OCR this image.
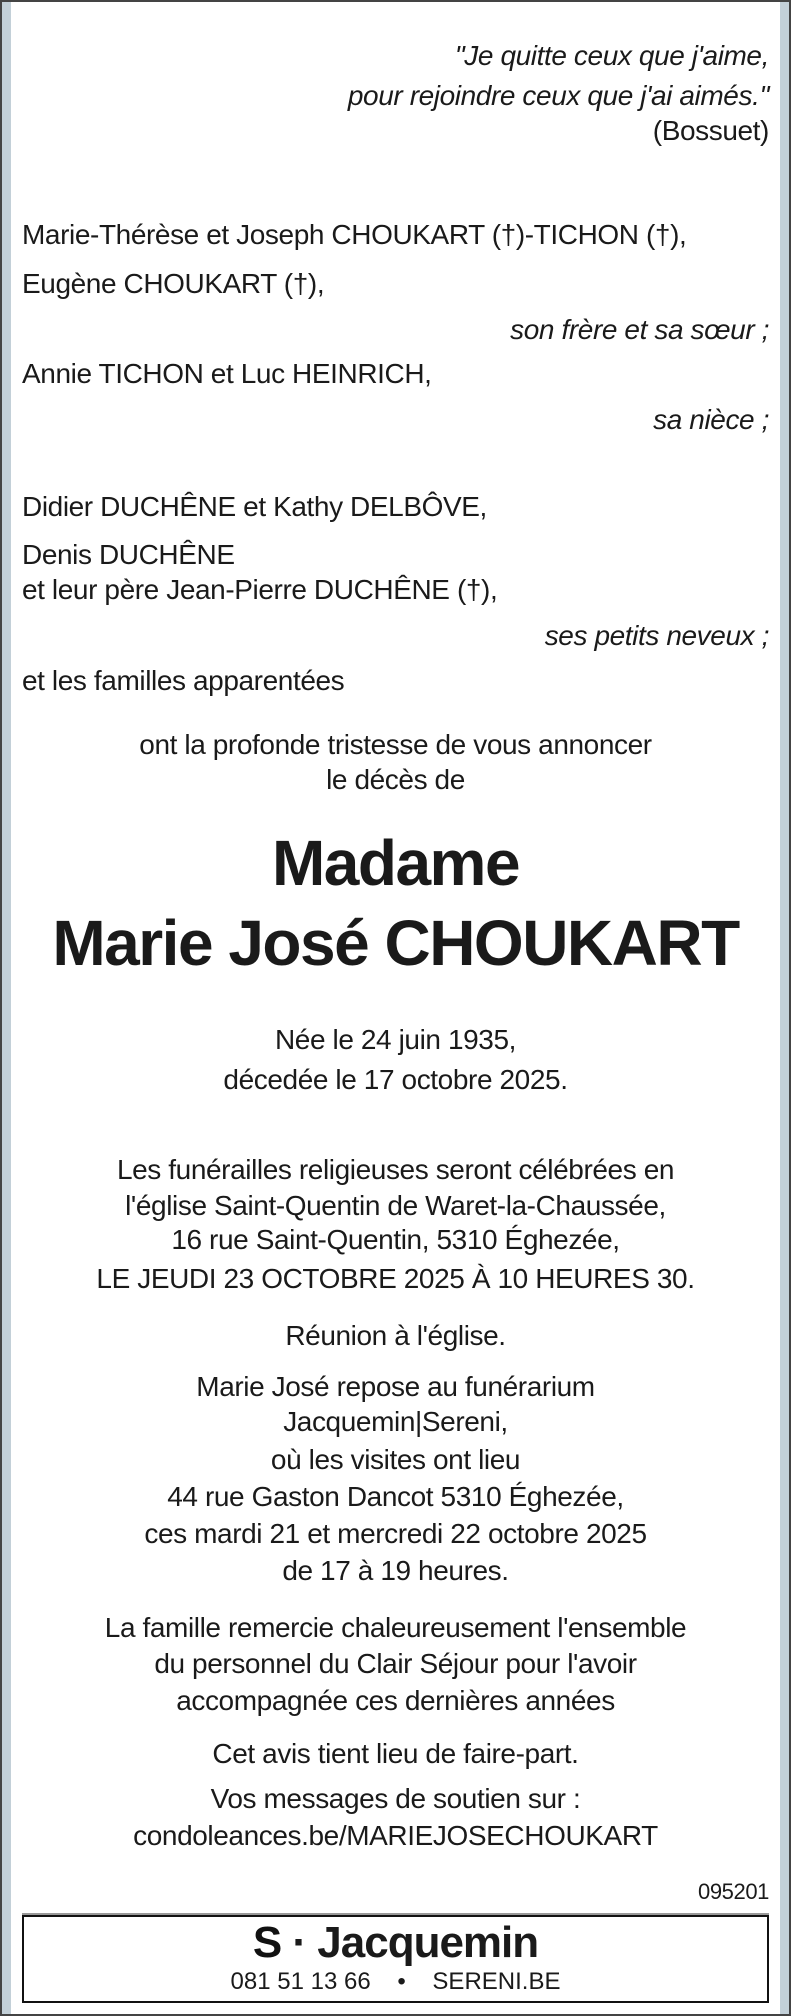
"Je quitte ceux que j'aime,
pour rejoindre ceux que j'ai aimés."
(Bossuet)
Marie-Thérèse et Joseph CHOUKART (†)-TICHON (†),
Eugène CHOUKART (†),
son frère et sa sœur ;
Annie TICHON et Luc HEINRICH,
sa nièce ;
Didier DUCHÊNE et Kathy DELBÔVE,
Denis DUCHÊNE
et leur père Jean-Pierre DUCHÊNE (†),
ses petits neveux ;
et les familles apparentées
ont la profonde tristesse de vous annoncer
le décès de
Madame
Marie José CHOUKART
Née le 24 juin 1935,
décedée le 17 octobre 2025.
Les funérailles religieuses seront célébrées en
l'église Saint-Quentin de Waret-la-Chaussée,
16 rue Saint-Quentin, 5310 Éghezée,
LE JEUDI 23 OCTOBRE 2025 À 10 HEURES 30.
Réunion à l'église.
Marie José repose au funérarium
Jacquemin|Sereni,
où les visites ont lieu
44 rue Gaston Dancot 5310 Éghezée,
ces mardi 21 et mercredi 22 octobre 2025
de 17 à 19 heures.
La famille remercie chaleureusement l'ensemble
du personnel du Clair Séjour pour l'avoir
accompagnée ces dernières années
Cet avis tient lieu de faire-part.
Vos messages de soutien sur :
condoleances.be/MARIEJOSECHOUKART
095201
S · Jacquemin
081 51 13 66 • SERENI.BE
